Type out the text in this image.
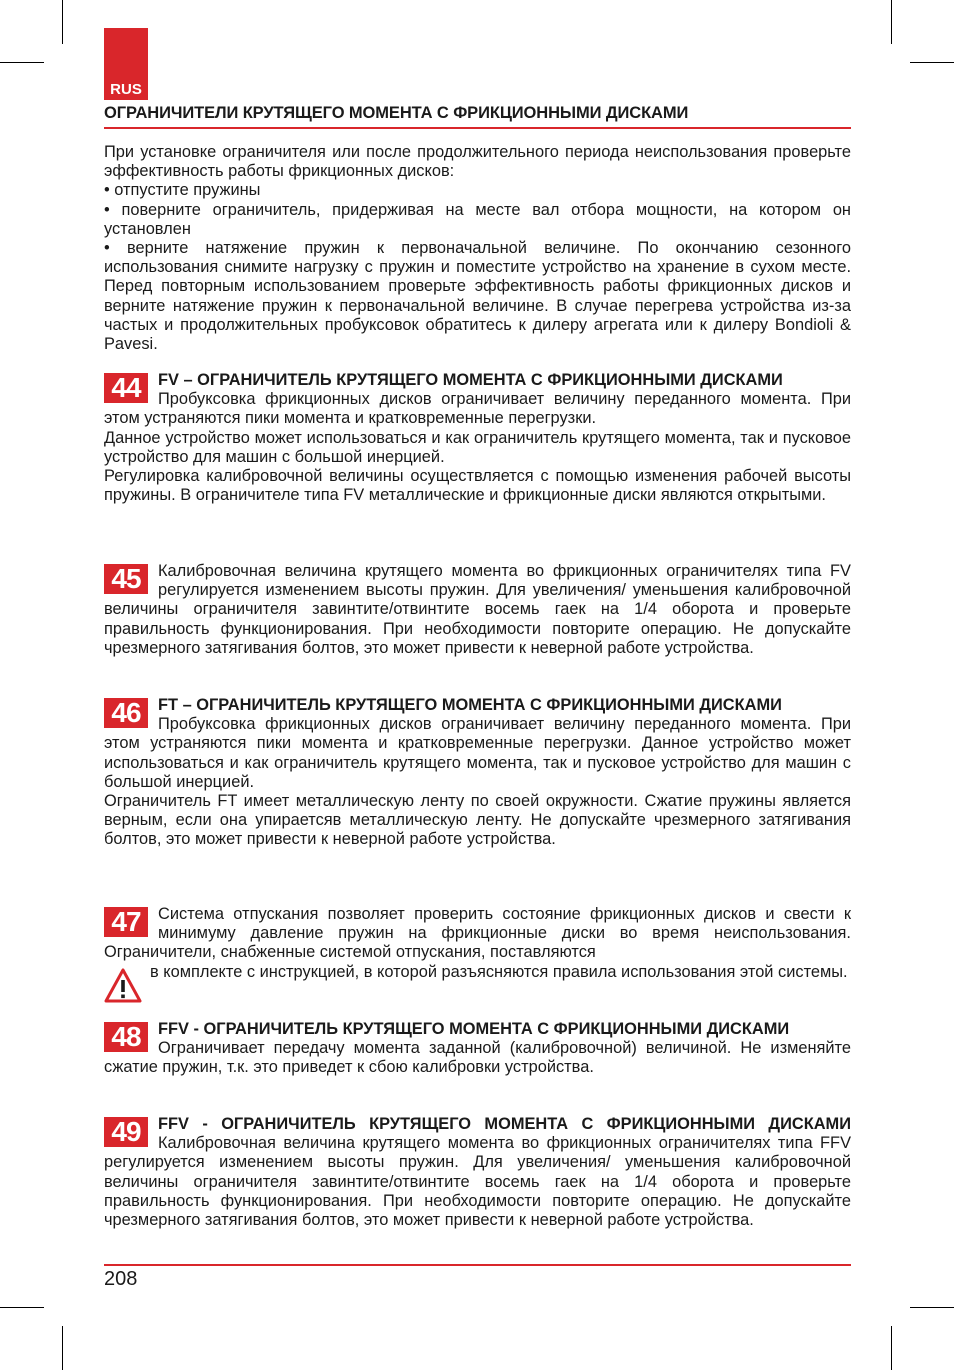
RUS
ОГРАНИЧИТЕЛИ КРУТЯЩЕГО МОМЕНТА С ФРИКЦИОННЫМИ ДИСКАМИ

При установке ограничителя или после продолжительного периода неиспользования проверьте эффективность работы фрикционных дисков:

• отпустите пружины

• поверните ограничитель, придерживая на месте вал отбора мощности, на котором он установлен

• верните натяжение пружин к первоначальной величине. По окончанию сезонного использования снимите нагрузку с пружин и поместите устройство на хранение в сухом месте. Перед повторным использованием проверьте эффективность работы фрикционных дисков и верните натяжение пружин к первоначальной величине. В случае перегрева устройства из-за частых и продолжительных пробуксовок обратитесь к дилеру агрегата или к дилеру Bondioli & Pavesi.

44	FV – ОГРАНИЧИТЕЛЬ КРУТЯЩЕГО МОМЕНТА С ФРИКЦИОННЫМИ ДИСКАМИ

Пробуксовка фрикционных дисков ограничивает величину переданного момента. При этом устраняются пики момента и кратковременные перегрузки.

Данное устройство может использоваться и как ограничитель крутящего момента, так и пусковое устройство для машин с большой инерцией.

Регулировка калибровочной величины осуществляется с помощью изменения рабочей высоты пружины. В ограничителе типа FV металлические и фрикционные диски являются открытыми.

45	Калибровочная величина крутящего момента во фрикционных ограничителях типа FV регулируется изменением высоты пружин. Для увеличения/ уменьшения калибровочной величины ограничителя завинтите/отвинтите восемь гаек на 1/4 оборота и проверьте правильность функционирования. При необходимости повторите операцию. Не допускайте чрезмерного затягивания болтов, это может привести к неверной работе устройства.

46	FT – ОГРАНИЧИТЕЛЬ КРУТЯЩЕГО МОМЕНТА С ФРИКЦИОННЫМИ ДИСКАМИ

Пробуксовка фрикционных дисков ограничивает величину переданного момента. При этом устраняются пики момента и кратковременные перегрузки. Данное устройство может использоваться и как ограничитель крутящего момента, так и пусковое устройство для машин с большой инерцией.

Ограничитель FT имеет металлическую ленту по своей окружности. Сжатие пружины является верным, если она упираетсяв металлическую ленту. Не допускайте чрезмерного затягивания болтов, это может привести к неверной работе устройства.

47	Система отпускания позволяет проверить состояние фрикционных дисков и свести к минимуму давление пружин на фрикционные диски во время неиспользования. Ограничители, снабженные системой отпускания, поставляются

в комплекте с инструкцией, в которой разъясняются правила использования этой системы.

48	FFV - ОГРАНИЧИТЕЛЬ КРУТЯЩЕГО МОМЕНТА С ФРИКЦИОННЫМИ ДИСКАМИ

Ограничивает передачу момента заданной (калибровочной) величиной. Не изменяйте сжатие пружин, т.к. это приведет к сбою калибровки устройства.

49	FFV - ОГРАНИЧИТЕЛЬ КРУТЯЩЕГО МОМЕНТА С ФРИКЦИОННЫМИ ДИСКАМИ Калибровочная величина крутящего момента во фрикционных ограничителях типа FFV регулируется изменением высоты пружин. Для увеличения/ уменьшения калибровочной величины ограничителя завинтите/отвинтите восемь гаек на 1/4 оборота и проверьте правильность функционирования. При необходимости повторите операцию. Не допускайте чрезмерного затягивания болтов, это может привести к неверной работе устройства.

208
